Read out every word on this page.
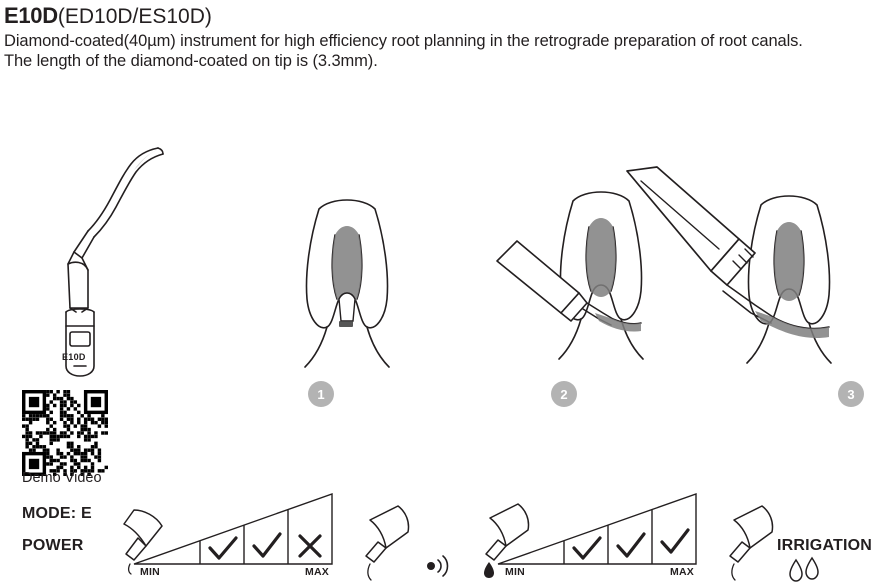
E10D(ED10D/ES10D)
Diamond-coated(40µm) instrument for high efficiency root planning in the retrograde preparation of root canals. The length of the diamond-coated on tip is (3.3mm).
E10D
Demo Video
1	2	3
MODE: E
POWER	IRRIGATION
MIN	MAX	MIN	MAX
